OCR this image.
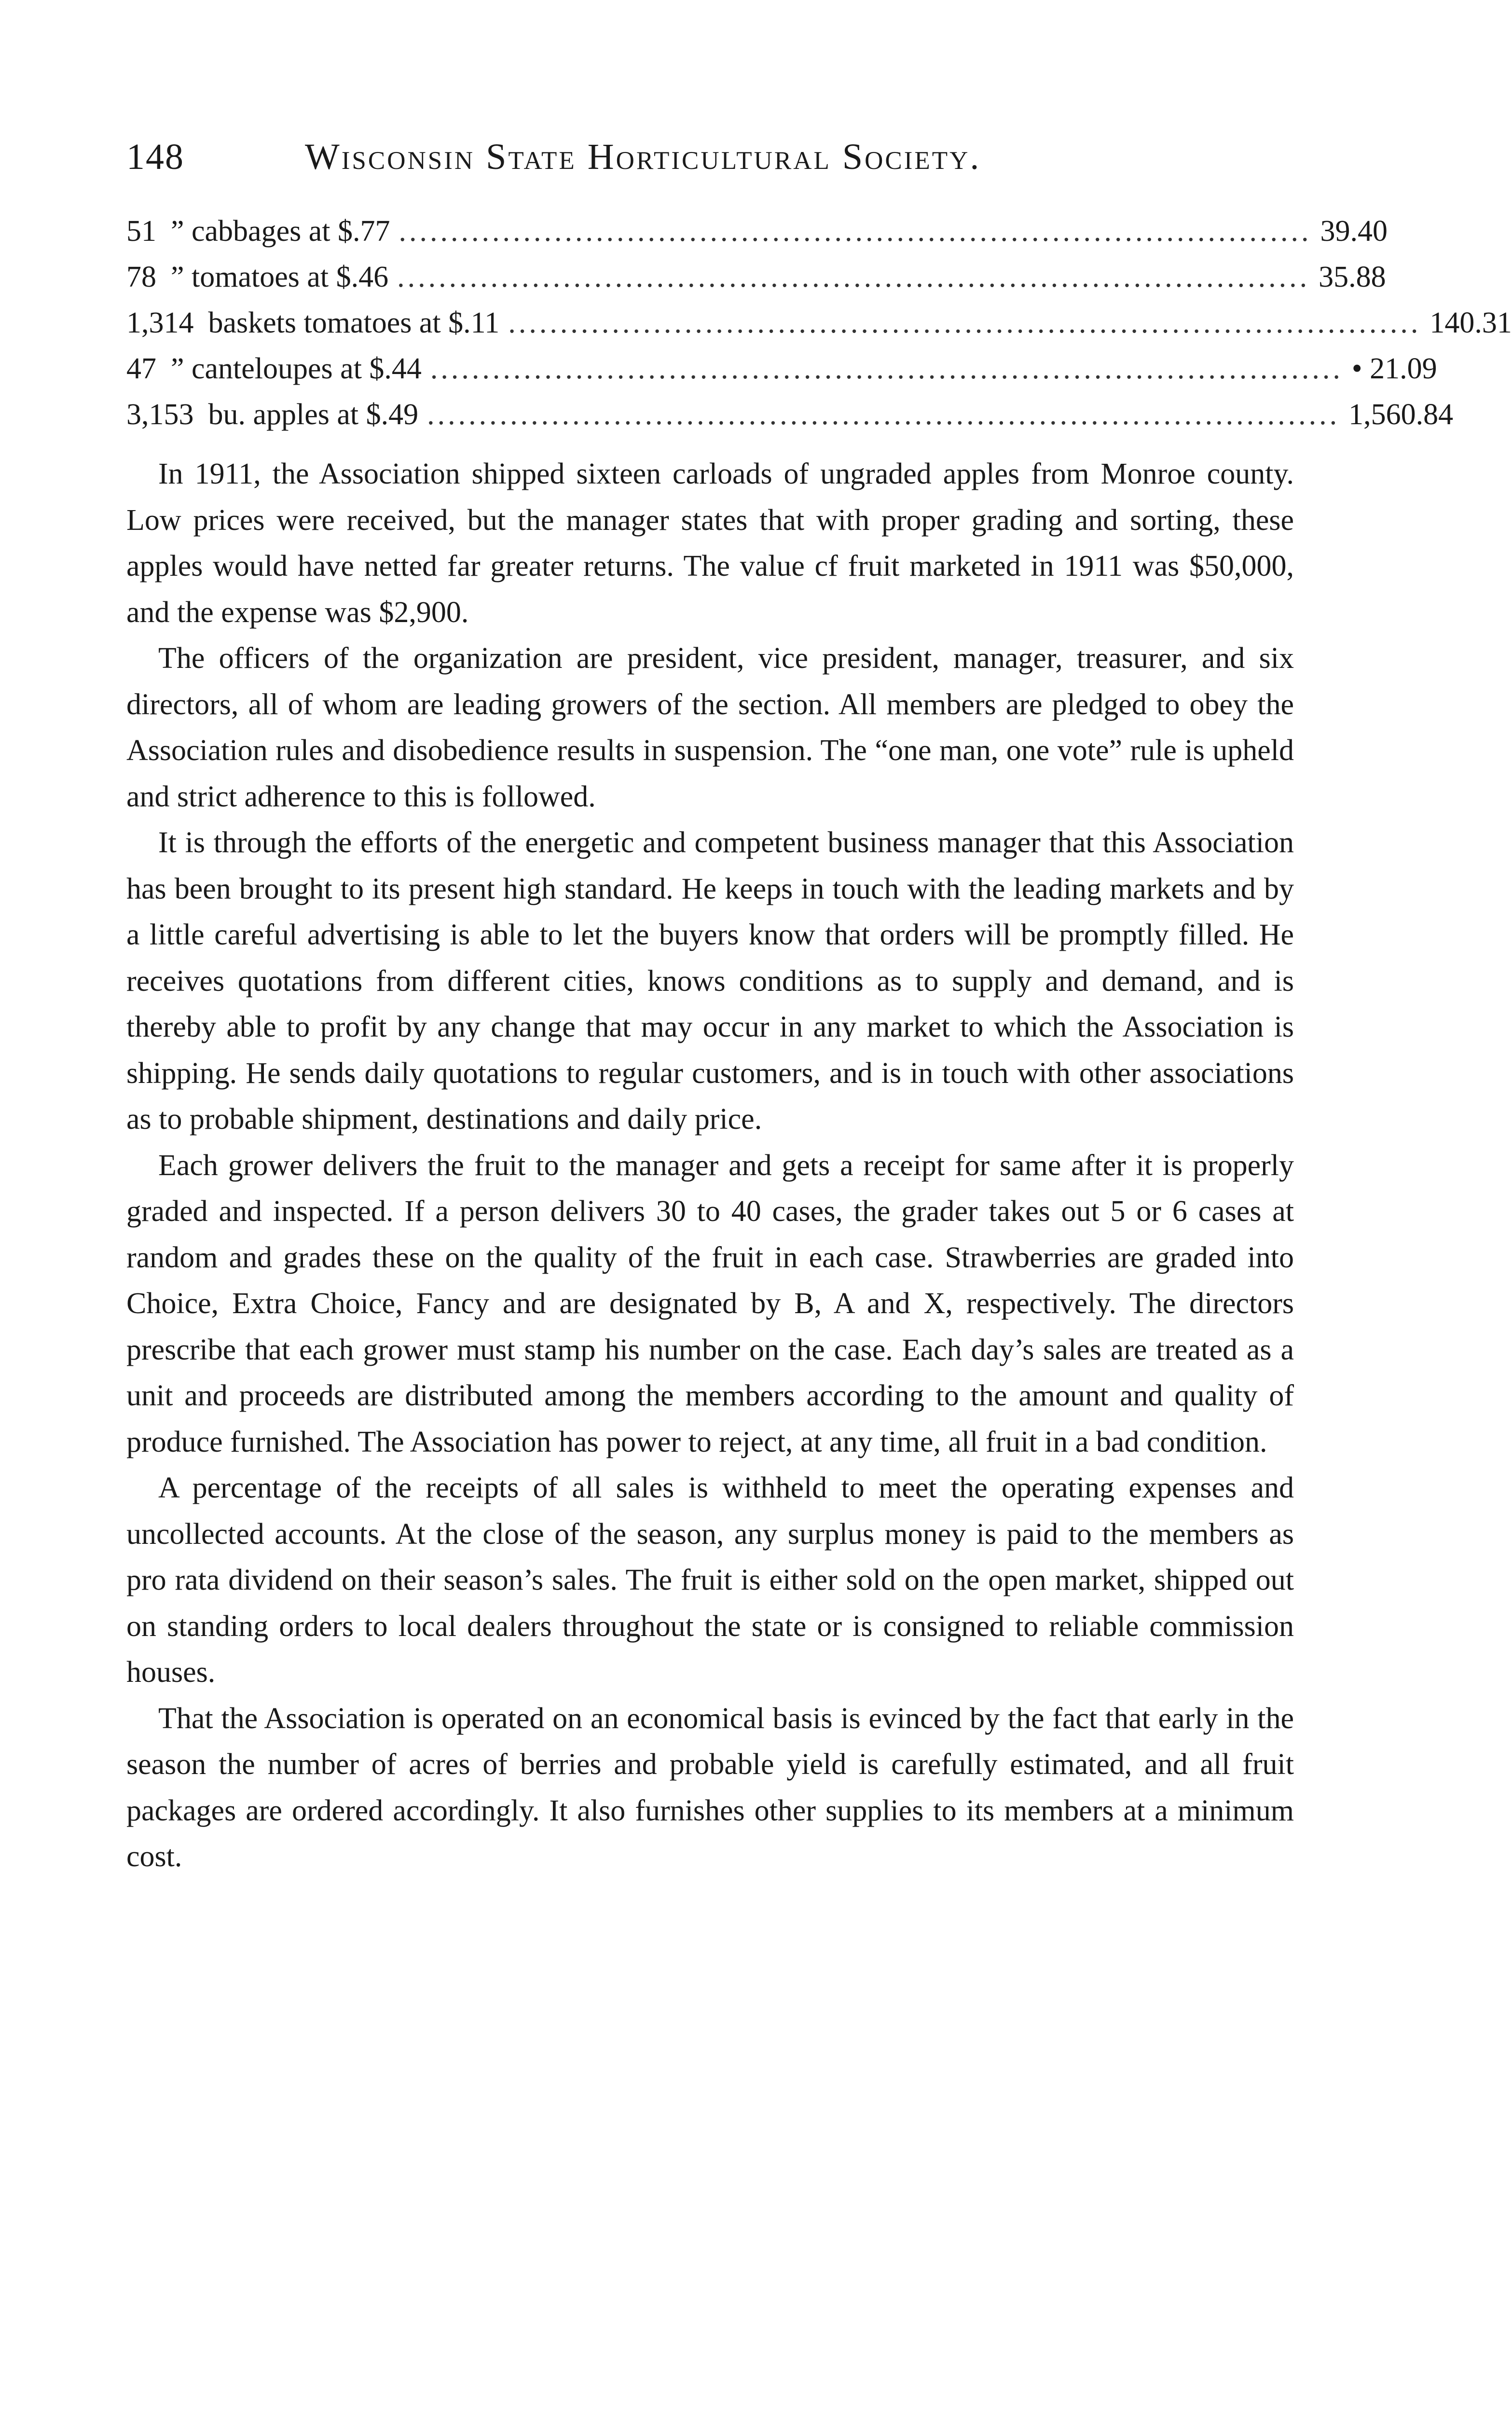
148	Wisconsin State Horticultural Society.
51 ” cabbages at $.77 ........................................................................................ 39.40
78 ” tomatoes at $.46 ........................................................................................ 35.88
1,314 baskets tomatoes at $.11 ........................................................................................ 140.31
47 ” canteloupes at $.44 ........................................................................................ • 21.09
3,153 bu. apples at $.49 ........................................................................................ 1,560.84

In 1911, the Association shipped sixteen carloads of ungraded apples from Monroe county. Low prices were received, but the manager states that with proper grading and sorting, these apples would have netted far greater returns. The value cf fruit marketed in 1911 was $50,000, and the expense was $2,900.

The officers of the organization are president, vice president, manager, treasurer, and six directors, all of whom are leading growers of the section. All members are pledged to obey the Association rules and disobedience results in suspension. The “one man, one vote” rule is upheld and strict adherence to this is followed.

It is through the efforts of the energetic and competent business manager that this Association has been brought to its present high standard. He keeps in touch with the leading markets and by a little careful advertising is able to let the buyers know that orders will be promptly filled. He receives quotations from different cities, knows conditions as to supply and demand, and is thereby able to profit by any change that may occur in any market to which the Association is shipping. He sends daily quotations to regular customers, and is in touch with other associations as to probable shipment, destinations and daily price.

Each grower delivers the fruit to the manager and gets a receipt for same after it is properly graded and inspected. If a person delivers 30 to 40 cases, the grader takes out 5 or 6 cases at random and grades these on the quality of the fruit in each case. Strawberries are graded into Choice, Extra Choice, Fancy and are designated by B, A and X, respectively. The directors prescribe that each grower must stamp his number on the case. Each day’s sales are treated as a unit and proceeds are distributed among the members according to the amount and quality of produce furnished. The Association has power to reject, at any time, all fruit in a bad condition.

A percentage of the receipts of all sales is withheld to meet the operating expenses and uncollected accounts. At the close of the season, any surplus money is paid to the members as pro rata dividend on their season’s sales. The fruit is either sold on the open market, shipped out on standing orders to local dealers throughout the state or is consigned to reliable commission houses.

That the Association is operated on an economical basis is evinced by the fact that early in the season the number of acres of berries and probable yield is carefully estimated, and all fruit packages are ordered accordingly. It also furnishes other supplies to its members at a minimum cost.
